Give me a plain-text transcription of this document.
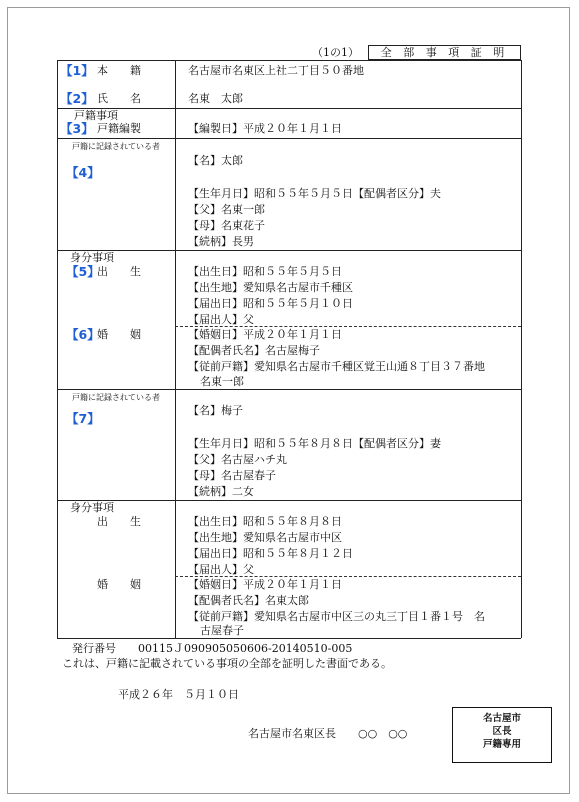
（1の1）	全 部 事 項 証 明
【1】 本　　籍	名古屋市名東区上社二丁目５０番地
【2】 氏　　名	名東　太郎
戸籍事項
【3】 戸籍編製	【編製日】平成２０年１月１日
戸籍に記録されている者
【4】
【名】太郎
【生年月日】昭和５５年５月５日【配偶者区分】夫
【父】名東一郎
【母】名東花子
【続柄】長男
身分事項
【5】
出　　生	【出生日】昭和５５年５月５日
【出生地】愛知県名古屋市千種区
【届出日】昭和５５年５月１０日
【届出人】父
【6】
婚　　姻	【婚姻日】平成２０年１月１日
【配偶者氏名】名古屋梅子
【従前戸籍】愛知県名古屋市千種区覚王山通８丁目３７番地
名東一郎
戸籍に記録されている者
【7】
【名】梅子
【生年月日】昭和５５年８月８日【配偶者区分】妻
【父】名古屋ハチ丸
【母】名古屋春子
【続柄】二女
身分事項
出　　生	【出生日】昭和５５年８月８日
【出生地】愛知県名古屋市中区
【届出日】昭和５５年８月１２日
【届出人】父
婚　　姻	【婚姻日】平成２０年１月１日
【配偶者氏名】名東太郎
【従前戸籍】愛知県名古屋市中区三の丸三丁目１番１号　名
古屋春子
発行番号　　00115Ｊ090905050606-20140510-005
これは、戸籍に記載されている事項の全部を証明した書面である。
平成２６年　５月１０日
名古屋市名東区長　　○○　○○
名古屋市
区長
戸籍専用
